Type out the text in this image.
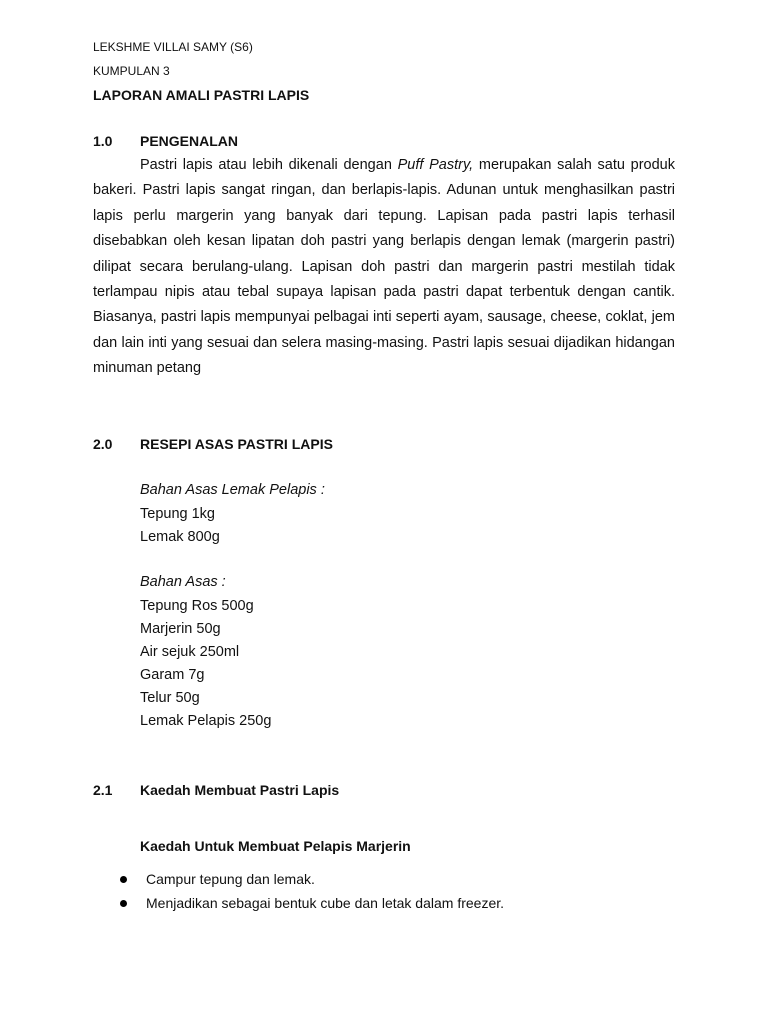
LEKSHME VILLAI SAMY (S6)
KUMPULAN 3
LAPORAN AMALI PASTRI LAPIS
1.0 PENGENALAN

Pastri lapis atau lebih dikenali dengan Puff Pastry, merupakan salah satu produk bakeri. Pastri lapis sangat ringan, dan berlapis-lapis. Adunan untuk menghasilkan pastri lapis perlu margerin yang banyak dari tepung. Lapisan pada pastri lapis terhasil disebabkan oleh kesan lipatan doh pastri yang berlapis dengan lemak (margerin pastri) dilipat secara berulang-ulang. Lapisan doh pastri dan margerin pastri mestilah tidak terlampau nipis atau tebal supaya lapisan pada pastri dapat terbentuk dengan cantik. Biasanya, pastri lapis mempunyai pelbagai inti seperti ayam, sausage, cheese, coklat, jem dan lain inti yang sesuai dan selera masing-masing. Pastri lapis sesuai dijadikan hidangan minuman petang

2.0 RESEPI ASAS PASTRI LAPIS
Bahan Asas Lemak Pelapis :
Tepung 1kg
Lemak 800g
Bahan Asas :
Tepung Ros 500g
Marjerin 50g
Air sejuk 250ml
Garam 7g
Telur 50g
Lemak Pelapis 250g
2.1 Kaedah Membuat Pastri Lapis
Kaedah Untuk Membuat Pelapis Marjerin
Campur tepung dan lemak.
Menjadikan sebagai bentuk cube dan letak dalam freezer.
